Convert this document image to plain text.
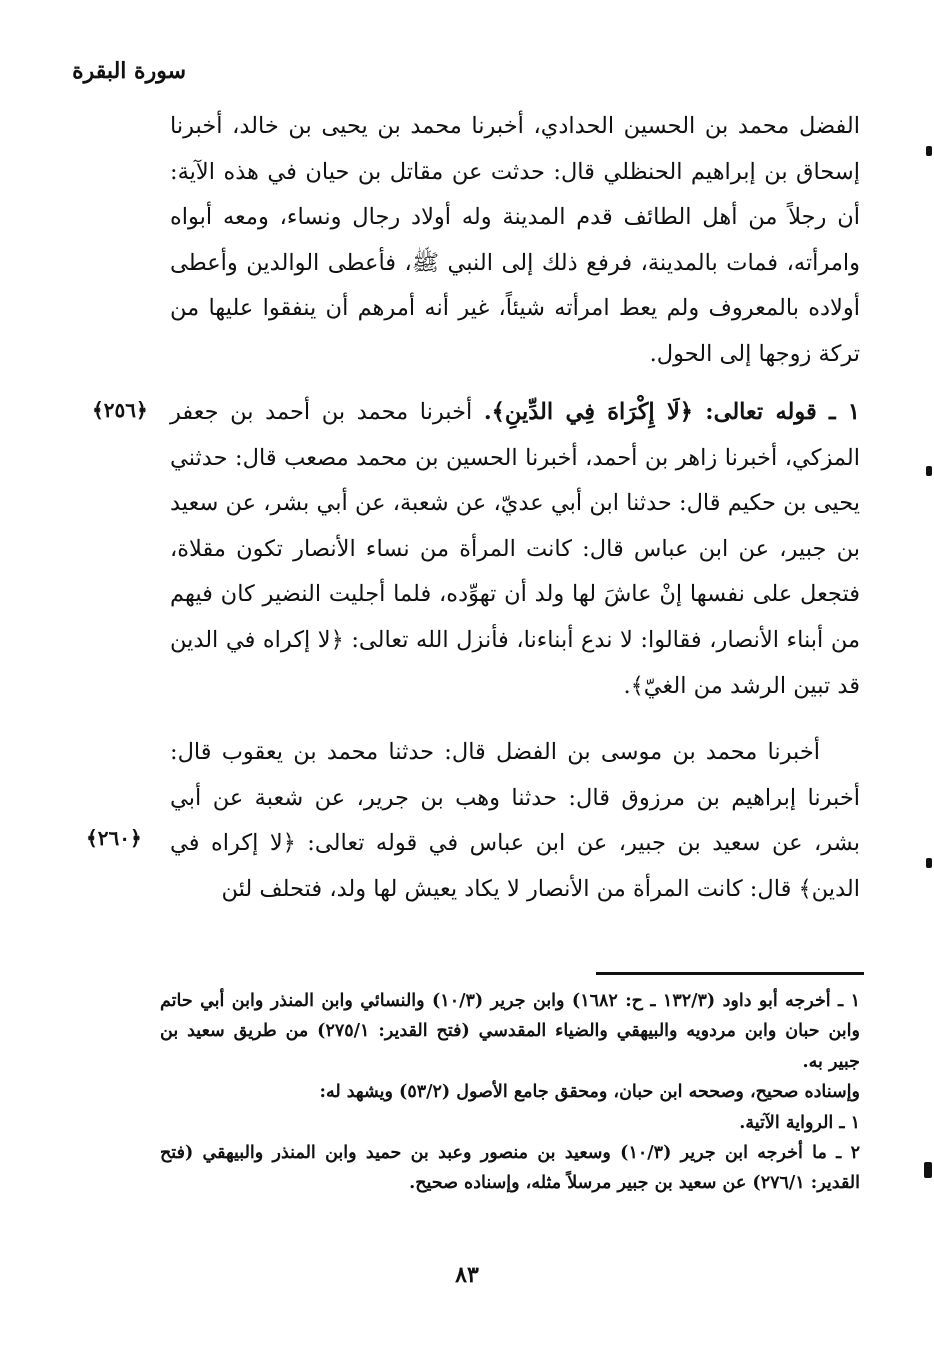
سورة البقرة

الفضل محمد بن الحسين الحدادي، أخبرنا محمد بن يحيى بن خالد، أخبرنا إسحاق بن إبراهيم الحنظلي قال: حدثت عن مقاتل بن حيان في هذه الآية: أن رجلاً من أهل الطائف قدم المدينة وله أولاد رجال ونساء، ومعه أبواه وامرأته، فمات بالمدينة، فرفع ذلك إلى النبي ﷺ، فأعطى الوالدين وأعطى أولاده بالمعروف ولم يعط امرأته شيئاً، غير أنه أمرهم أن ينفقوا عليها من تركة زوجها إلى الحول.

١ ـ قوله تعالى: ﴿لَا إِكْرَاهَ فِي الدِّينِ﴾. أخبرنا محمد بن أحمد بن جعفر المزكي، أخبرنا زاهر بن أحمد، أخبرنا الحسين بن محمد مصعب قال: حدثني يحيى بن حكيم قال: حدثنا ابن أبي عديّ، عن شعبة، عن أبي بشر، عن سعيد بن جبير، عن ابن عباس قال: كانت المرأة من نساء الأنصار تكون مقلاة، فتجعل على نفسها إنْ عاشَ لها ولد أن تهوِّده، فلما أجليت النضير كان فيهم من أبناء الأنصار، فقالوا: لا ندع أبناءنا، فأنزل الله تعالى: ﴿لا إكراه في الدين قد تبين الرشد من الغيّ﴾.

أخبرنا محمد بن موسى بن الفضل قال: حدثنا محمد بن يعقوب قال: أخبرنا إبراهيم بن مرزوق قال: حدثنا وهب بن جرير، عن شعبة عن أبي بشر، عن سعيد بن جبير، عن ابن عباس في قوله تعالى: ﴿لا إكراه في الدين﴾ قال: كانت المرأة من الأنصار لا يكاد يعيش لها ولد، فتحلف لئن

﴿٢٥٦﴾
﴿٢٦٠﴾

١ ـ أخرجه أبو داود (١٣٢/٣ ـ ح: ١٦٨٢) وابن جرير (١٠/٣) والنسائي وابن المنذر وابن أبي حاتم وابن حبان وابن مردويه والبيهقي والضياء المقدسي (فتح القدير: ٢٧٥/١) من طريق سعيد بن جبير به.

وإسناده صحيح، وصححه ابن حبان، ومحقق جامع الأصول (٥٣/٢) ويشهد له:

١ ـ الرواية الآتية.

٢ ـ ما أخرجه ابن جرير (١٠/٣) وسعيد بن منصور وعبد بن حميد وابن المنذر والبيهقي (فتح القدير: ٢٧٦/١) عن سعيد بن جبير مرسلاً مثله، وإسناده صحيح.

٨٣
